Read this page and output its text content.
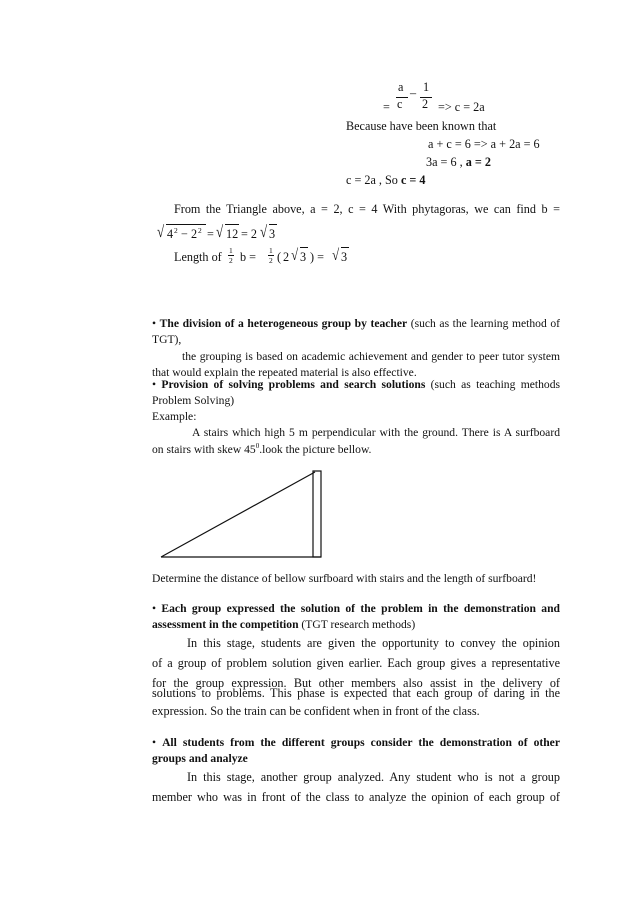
a
c
– 1
2
=	=> c = 2a
Because have been known that
a + c = 6 => a + 2a = 6
3a = 6 , a = 2
c = 2a , So c = 4
From the Triangle above, a = 2, c = 4 With phytagoras, we can find b =
√ 4 2 − 2 2 = √ 12 = 2 √ 3
Length of 1
2 b = 1
2 ( 2 √ 3 ) = √ 3
• The division of a heterogeneous group by teacher (such as the learning method of
TGT),
the grouping is based on academic achievement and gender to peer tutor system
that would explain the repeated material is also effective.
• Provision of solving problems and search solutions (such as teaching methods
Problem Solving)
Example:
A stairs which high 5 m perpendicular with the ground. There is A surfboard
on stairs with skew $45^0.look$ the picture bellow.
Determine the distance of bellow surfboard with stairs and the length of surfboard!
• Each group expressed the solution of the problem in the demonstration and
assessment in the competition (TGT research methods)
In this stage, students are given the opportunity to convey the opinion
of a group of problem solution given earlier. Each group gives a representative
for the group expression. But other members also assist in the delivery of
solutions to problems. This phase is expected that each group of daring in the
expression. So the train can be confident when in front of the class.
• All students from the different groups consider the demonstration of other
groups and analyze
In this stage, another group analyzed. Any student who is not a group
member who was in front of the class to analyze the opinion of each group of
